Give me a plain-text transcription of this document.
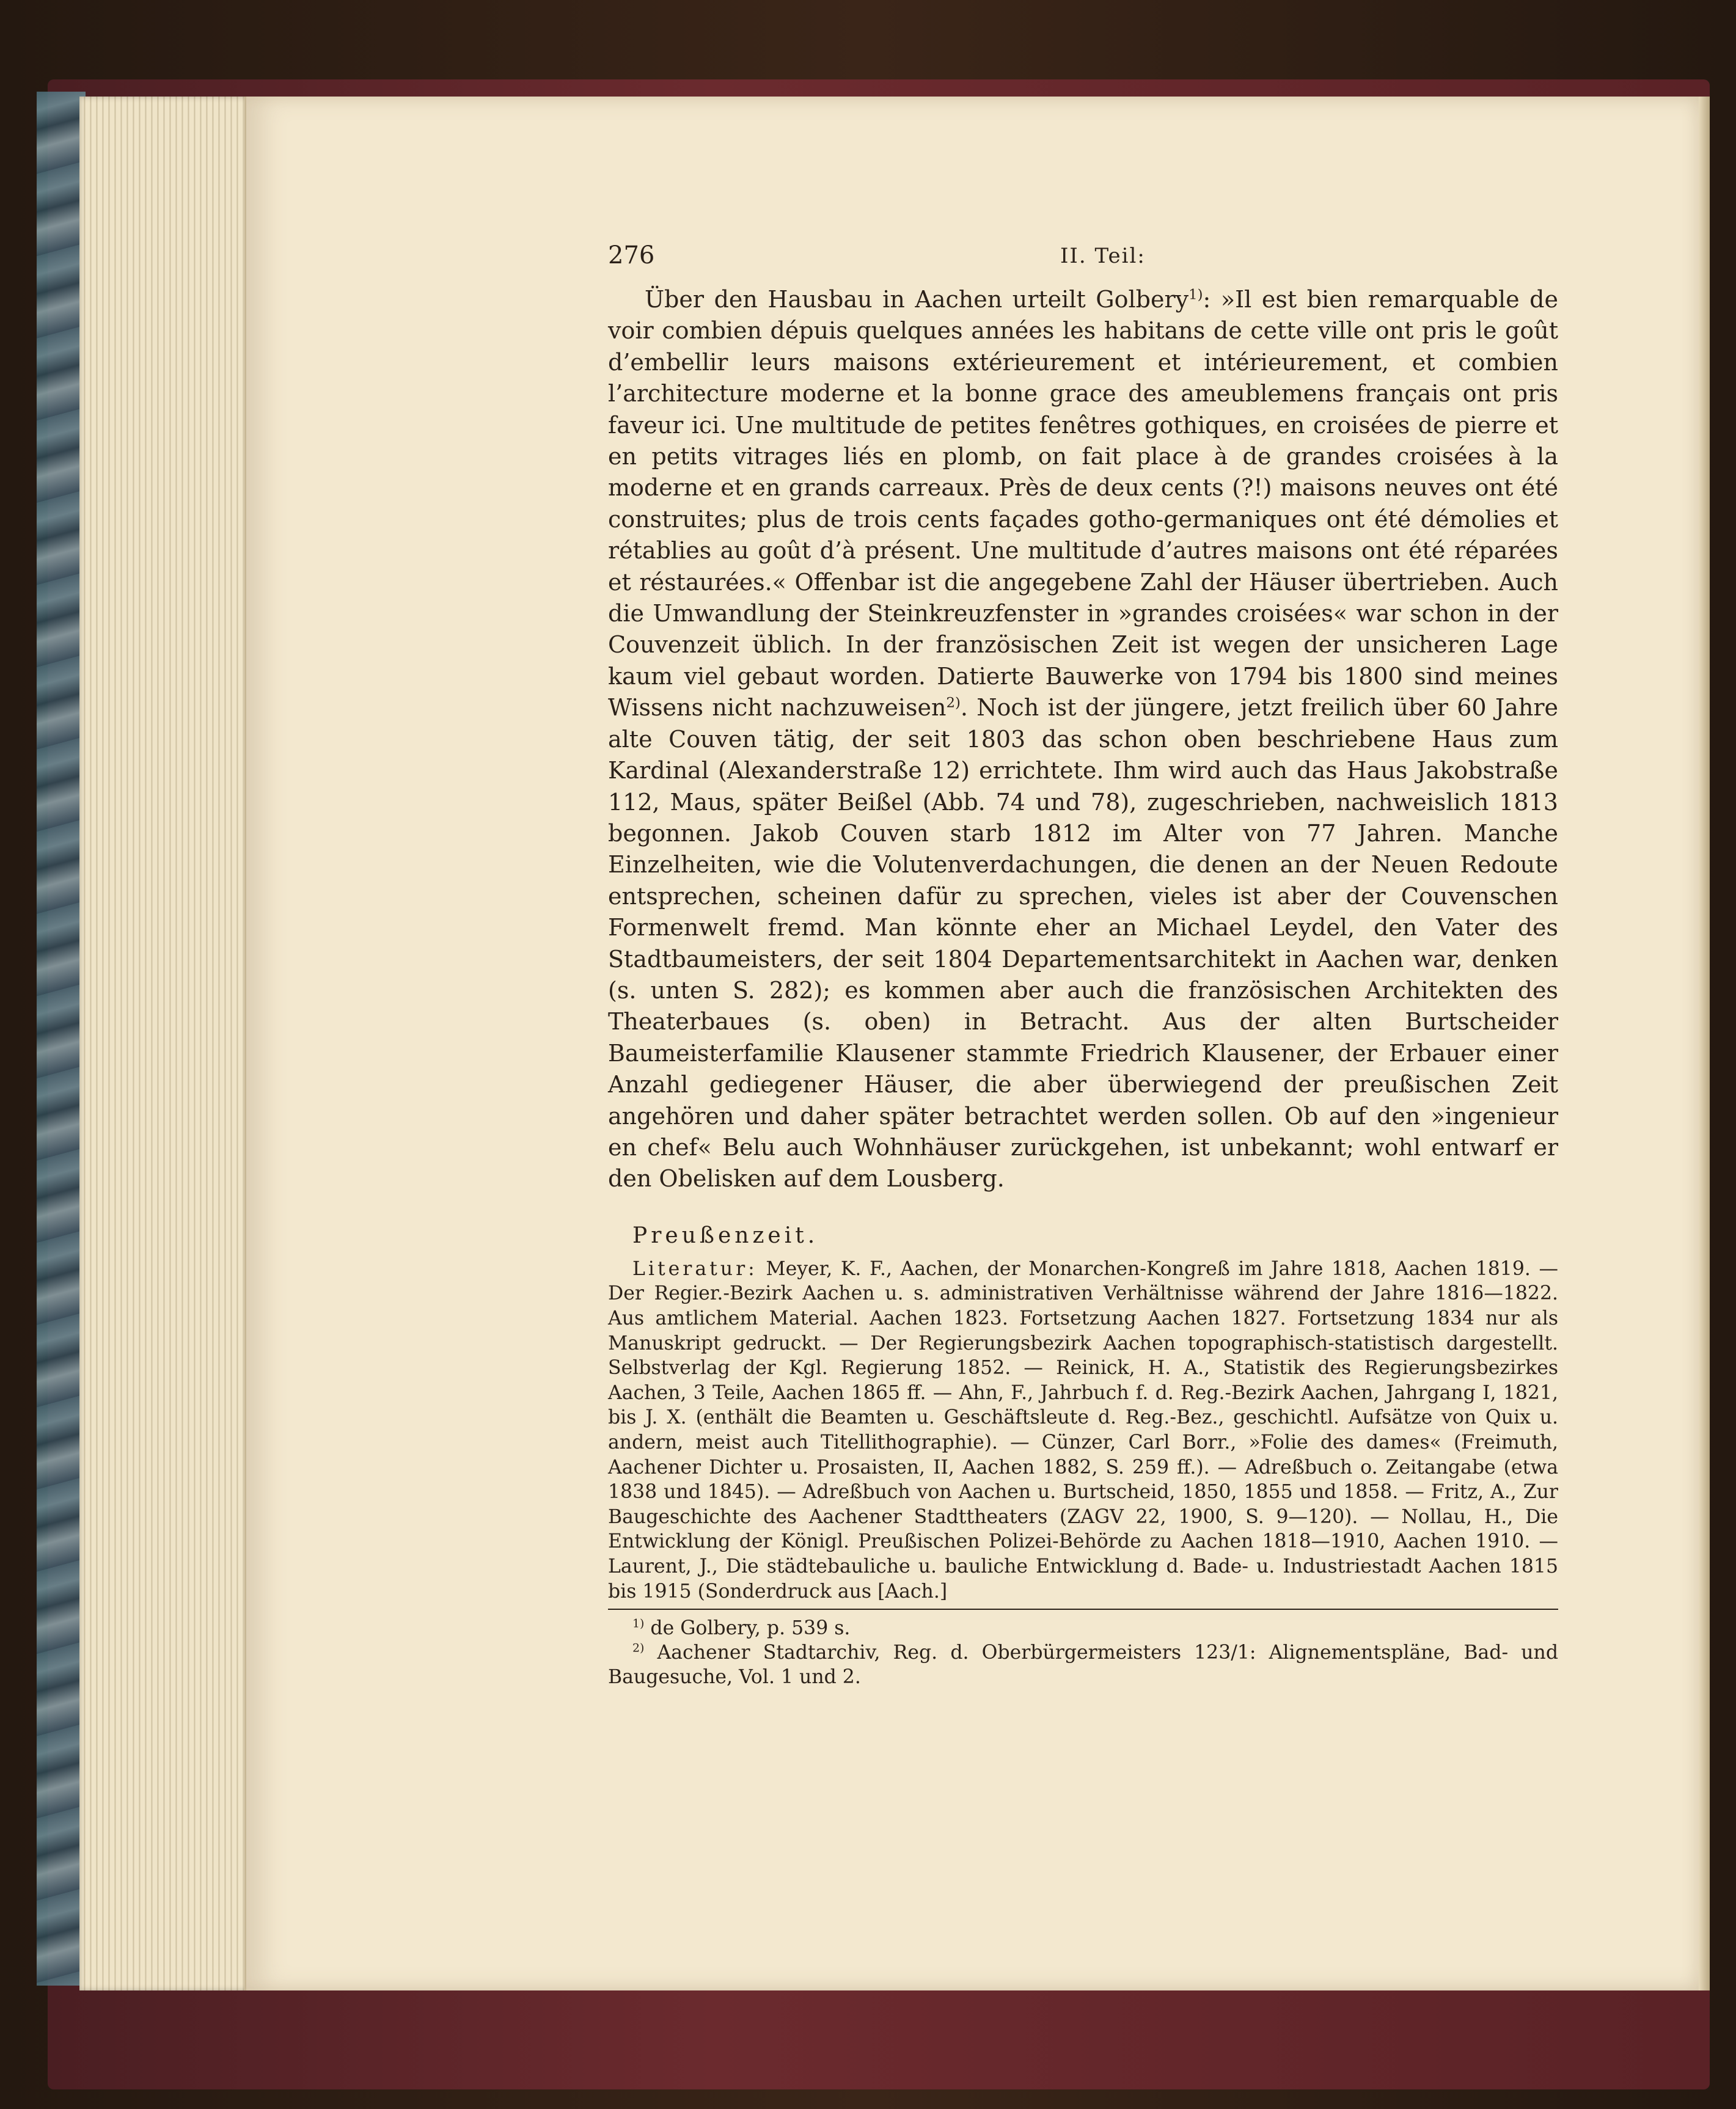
276	II. Teil:

Über den Hausbau in Aachen urteilt Golbery$^{1)}$: »Il est bien remarquable de voir combien dépuis quelques années les habitans de cette ville ont pris le goût d’embellir leurs maisons extérieurement et intérieurement, et combien l’architecture moderne et la bonne grace des ameublemens français ont pris faveur ici. Une multitude de petites fenêtres gothiques, en croisées de pierre et en petits vitrages liés en plomb, on fait place à de grandes croisées à la moderne et en grands carreaux. Près de deux cents (?!) maisons neuves ont été construites; plus de trois cents façades gotho-germaniques ont été démolies et rétablies au goût d’à présent. Une multitude d’autres maisons ont été réparées et réstaurées.« Offenbar ist die angegebene Zahl der Häuser übertrieben. Auch die Umwandlung der Steinkreuzfenster in »grandes croisées« war schon in der Couvenzeit üblich. In der französischen Zeit ist wegen der unsicheren Lage kaum viel gebaut worden. Datierte Bauwerke von 1794 bis 1800 sind meines Wissens nicht nachzuweisen$^{2)}$. Noch ist der jüngere, jetzt freilich über 60 Jahre alte Couven tätig, der seit 1803 das schon oben beschriebene Haus zum Kardinal (Alexanderstraße 12) errichtete. Ihm wird auch das Haus Jakobstraße 112, Maus, später Beißel (Abb. 74 und 78), zugeschrieben, nachweislich 1813 begonnen. Jakob Couven starb 1812 im Alter von 77 Jahren. Manche Einzelheiten, wie die Volutenverdachungen, die denen an der Neuen Redoute entsprechen, scheinen dafür zu sprechen, vieles ist aber der Couvenschen Formenwelt fremd. Man könnte eher an Michael Leydel, den Vater des Stadtbaumeisters, der seit 1804 Departementsarchitekt in Aachen war, denken (s. unten S. 282); es kommen aber auch die französischen Architekten des Theaterbaues (s. oben) in Betracht. Aus der alten Burtscheider Baumeisterfamilie Klausener stammte Friedrich Klausener, der Erbauer einer Anzahl gediegener Häuser, die aber überwiegend der preußischen Zeit angehören und daher später betrachtet werden sollen. Ob auf den »ingenieur en chef« Belu auch Wohnhäuser zurückgehen, ist unbekannt; wohl entwarf er den Obelisken auf dem Lousberg.

Preußenzeit.
Literatur: Meyer, K. F., Aachen, der Monarchen-Kongreß im Jahre 1818, Aachen 1819. — Der Regier.-Bezirk Aachen u. s. administrativen Verhältnisse während der Jahre 1816—1822. Aus amtlichem Material. Aachen 1823. Fortsetzung Aachen 1827. Fortsetzung 1834 nur als Manuskript gedruckt. — Der Regierungsbezirk Aachen topographisch-statistisch dargestellt. Selbstverlag der Kgl. Regierung 1852. — Reinick, H. A., Statistik des Regierungsbezirkes Aachen, 3 Teile, Aachen 1865 ff. — Ahn, F., Jahrbuch f. d. Reg.-Bezirk Aachen, Jahrgang I, 1821, bis J. X. (enthält die Beamten u. Geschäftsleute d. Reg.-Bez., geschichtl. Aufsätze von Quix u. andern, meist auch Titellithographie). — Cünzer, Carl Borr., »Folie des dames« (Freimuth, Aachener Dichter u. Prosaisten, II, Aachen 1882, S. 259 ff.). — Adreßbuch o. Zeitangabe (etwa 1838 und 1845). — Adreßbuch von Aachen u. Burtscheid, 1850, 1855 und 1858. — Fritz, A., Zur Baugeschichte des Aachener Stadttheaters (ZAGV 22, 1900, S. 9—120). — Nollau, H., Die Entwicklung der Königl. Preußischen Polizei-Behörde zu Aachen 1818—1910, Aachen 1910. — Laurent, J., Die städtebauliche u. bauliche Entwicklung d. Bade- u. Industriestadt Aachen 1815 bis 1915 (Sonderdruck aus [Aach.]
$^{1)}$ de Golbery, p. 539 s.
$^{2)}$ Aachener Stadtarchiv, Reg. d. Oberbürgermeisters 123/1: Alignementspläne, Bad- und Baugesuche, Vol. 1 und 2.
